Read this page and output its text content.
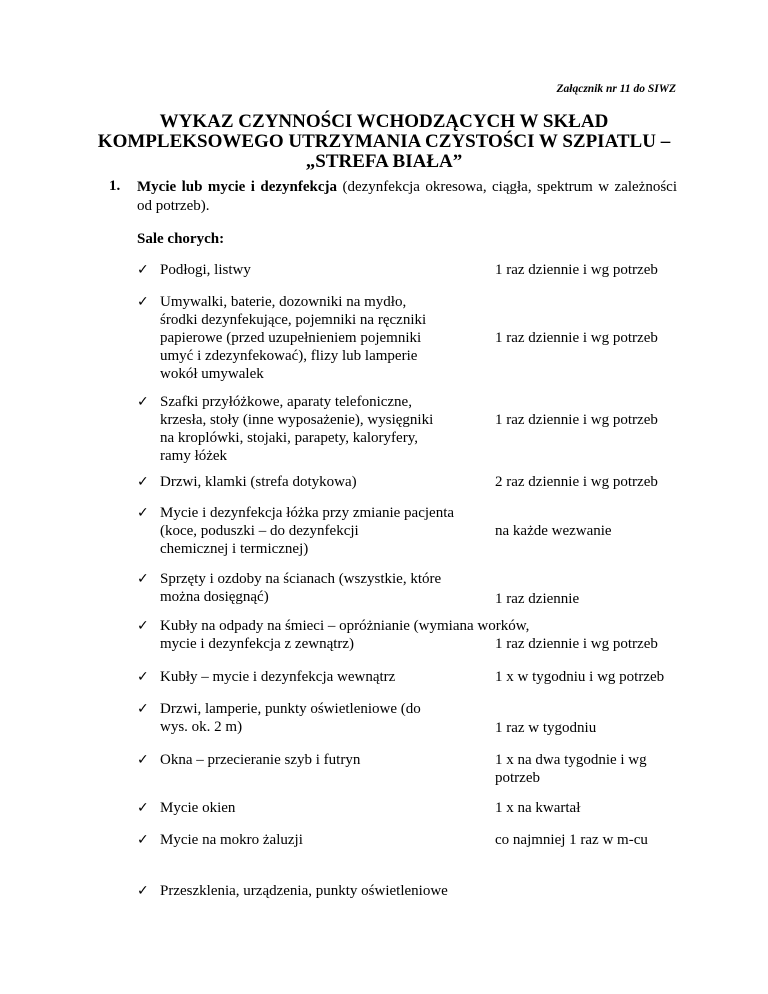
Załącznik nr 11 do SIWZ
WYKAZ CZYNNOŚCI WCHODZĄCYCH W SKŁAD
KOMPLEKSOWEGO UTRZYMANIA CZYSTOŚCI W SZPIATLU –
„STREFA BIAŁA”
1. Mycie lub mycie i dezynfekcja (dezynfekcja okresowa, ciągła, spektrum w zależności od potrzeb).
Sale chorych:
✓ Podłogi, listwy	1 raz dziennie i wg potrzeb
✓ Umywalki, baterie, dozowniki na mydło,
środki dezynfekujące, pojemniki na ręczniki
papierowe (przed uzupełnieniem pojemniki
umyć i zdezynfekować), flizy lub lamperie
wokół umywalek
1 raz dziennie i wg potrzeb
✓ Szafki przyłóżkowe, aparaty telefoniczne,
krzesła, stoły (inne wyposażenie), wysięgniki
na kroplówki, stojaki, parapety, kaloryfery,
ramy łóżek
1 raz dziennie i wg potrzeb
✓ Drzwi, klamki (strefa dotykowa)	2 raz dziennie i wg potrzeb
✓ Mycie i dezynfekcja łóżka przy zmianie pacjenta
(koce, poduszki – do dezynfekcji
chemicznej i termicznej)
na każde wezwanie
✓ Sprzęty i ozdoby na ścianach (wszystkie, które
można dosięgnąć)	1 raz dziennie
✓ Kubły na odpady na śmieci – opróżnianie (wymiana worków,
mycie i dezynfekcja z zewnątrz)	1 raz dziennie i wg potrzeb
✓ Kubły – mycie i dezynfekcja wewnątrz	1 x w tygodniu i wg potrzeb
✓ Drzwi, lamperie, punkty oświetleniowe (do
wys. ok. 2 m)	1 raz w tygodniu
✓ Okna – przecieranie szyb i futryn	1 x na dwa tygodnie i wg
potrzeb
✓ Mycie okien	1 x na kwartał
✓ Mycie na mokro żaluzji	co najmniej 1 raz w m-cu
✓ Przeszklenia, urządzenia, punkty oświetleniowe
